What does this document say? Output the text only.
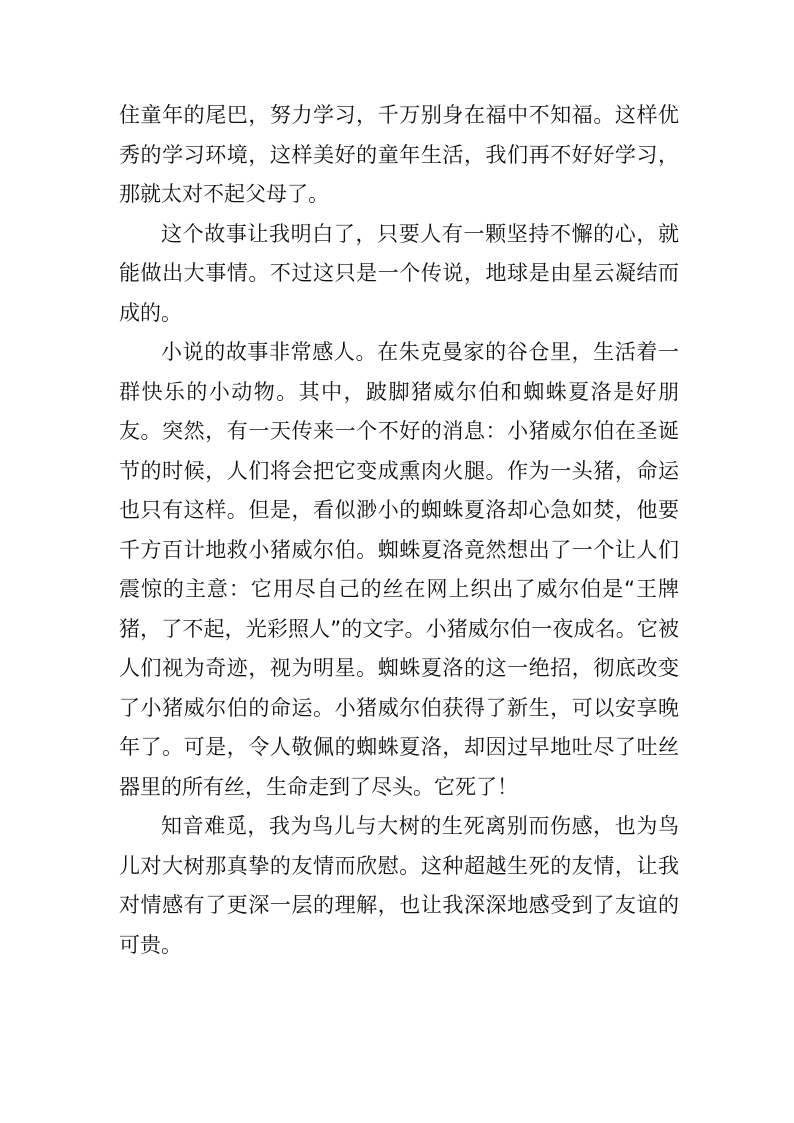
住童年的尾巴，努力学习，千万别身在福中不知福。这样优秀的学习环境，这样美好的童年生活，我们再不好好学习，那就太对不起父母了。

这个故事让我明白了，只要人有一颗坚持不懈的心，就能做出大事情。不过这只是一个传说，地球是由星云凝结而成的。

小说的故事非常感人。在朱克曼家的谷仓里，生活着一群快乐的小动物。其中，跛脚猪威尔伯和蜘蛛夏洛是好朋友。突然，有一天传来一个不好的消息：小猪威尔伯在圣诞节的时候，人们将会把它变成熏肉火腿。作为一头猪，命运也只有这样。但是，看似渺小的蜘蛛夏洛却心急如焚，他要千方百计地救小猪威尔伯。蜘蛛夏洛竟然想出了一个让人们震惊的主意：它用尽自己的丝在网上织出了威尔伯是“王牌猪，了不起，光彩照人”的文字。小猪威尔伯一夜成名。它被人们视为奇迹，视为明星。蜘蛛夏洛的这一绝招，彻底改变了小猪威尔伯的命运。小猪威尔伯获得了新生，可以安享晚年了。可是，令人敬佩的蜘蛛夏洛，却因过早地吐尽了吐丝器里的所有丝，生命走到了尽头。它死了！

知音难觅，我为鸟儿与大树的生死离别而伤感，也为鸟儿对大树那真挚的友情而欣慰。这种超越生死的友情，让我对情感有了更深一层的理解，也让我深深地感受到了友谊的可贵。
